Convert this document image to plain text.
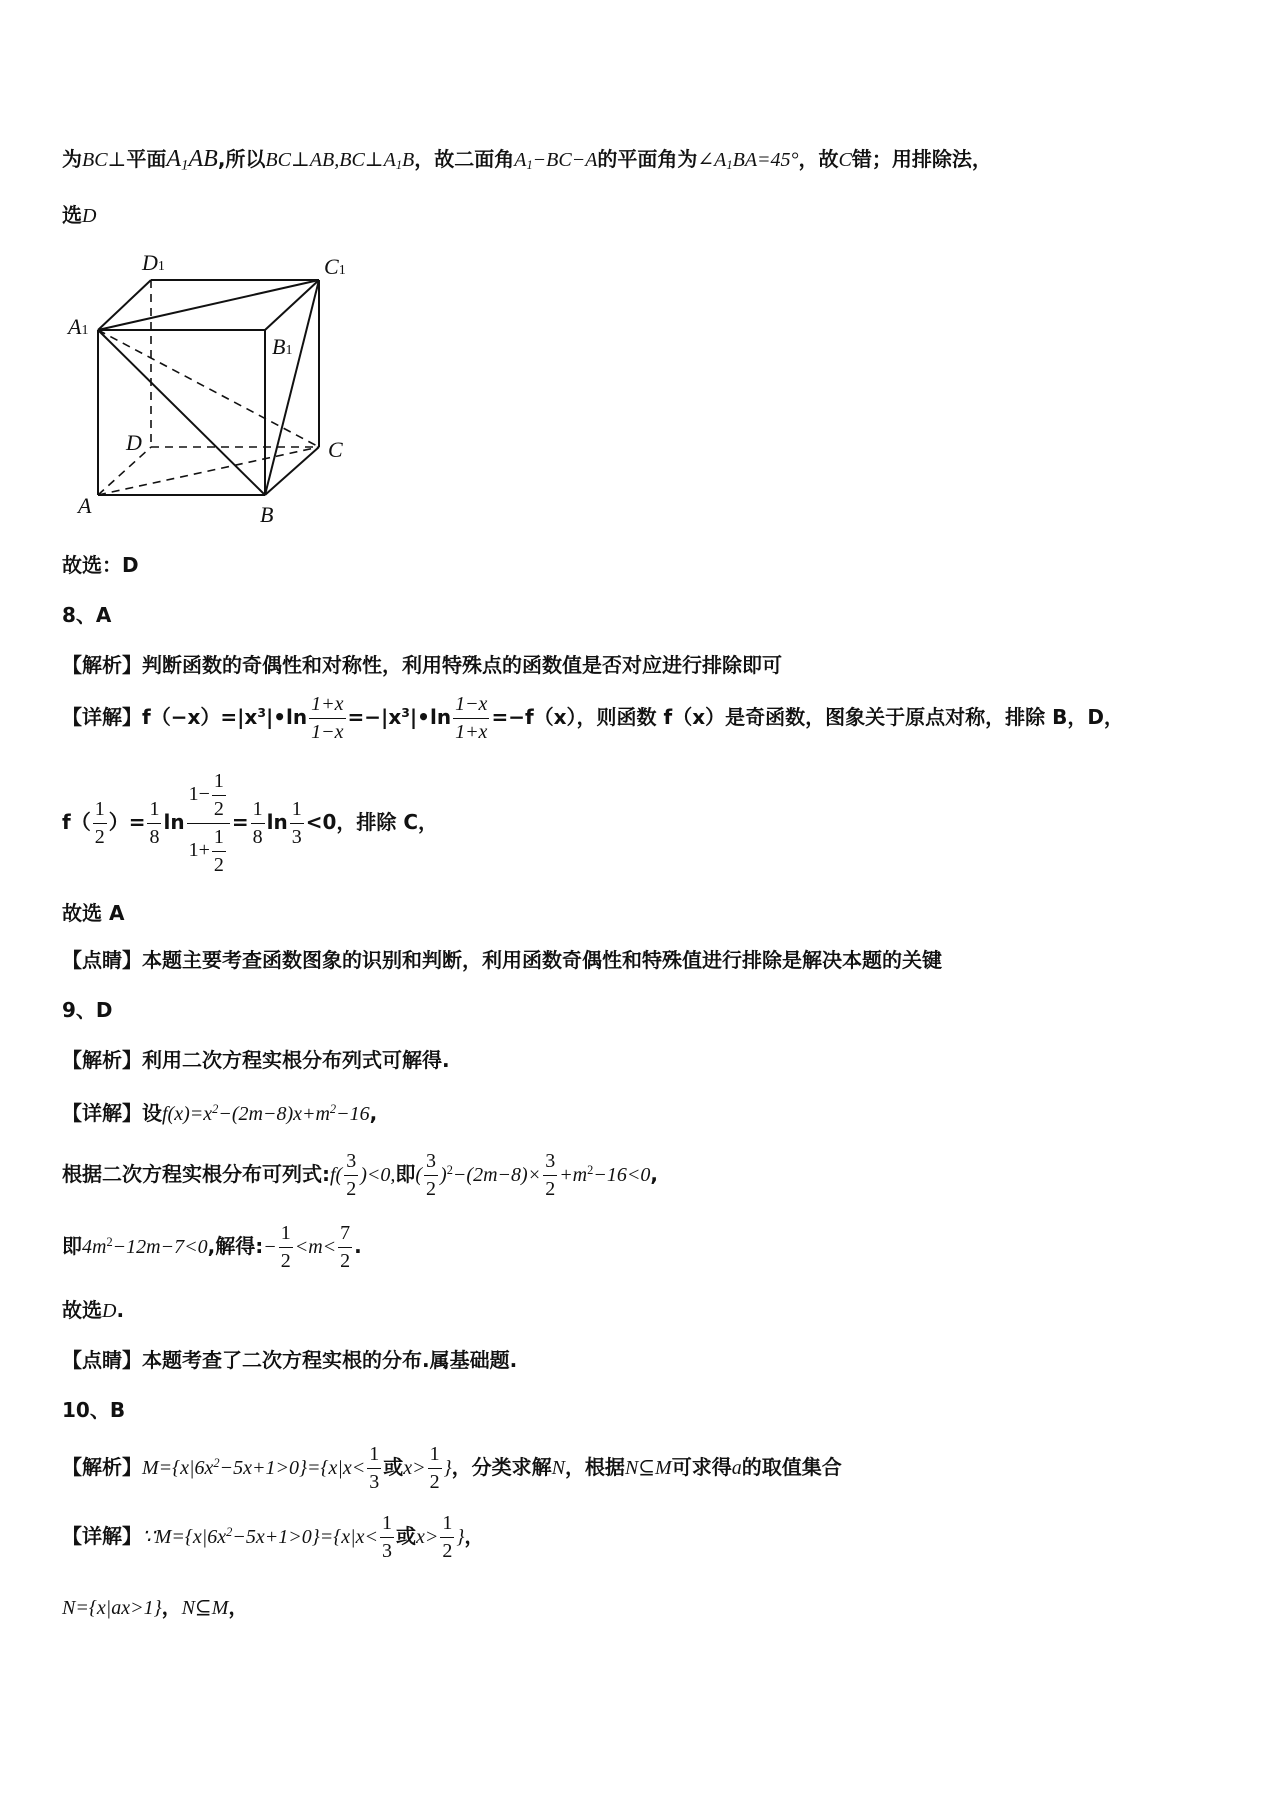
为BC⊥平面$A_1AB$,所以$BC\perp AB,BC\perp A_1B$，故二面角$A_1-BC-A$的平面角为$\angle A_1BA=45^\circ$，故C错；用排除法，
选D
D1	C1
A1
B1
D	C
A	B
故选：D
8、A
【解析】判断函数的奇偶性和对称性，利用特殊点的函数值是否对应进行排除即可
【详解】$f(-x)=|x^3|•\ln \frac{1+x}{1-x}$ $=-|x^3|•\ln \frac{1-x}{1+x} =-f(x)$，则函数 f（x）是奇函数，图象关于原点对称，排除 B，D，
$f( \frac{1}{2}$ ）= $\frac{1}{8}$ $\ln \frac{1- \frac{1}{2}}{1+ \frac{1}{2}} = \frac{1}{8}$ $\ln \frac{1}{3} <0$，排除 C，
故选 A
【点睛】本题主要考查函数图象的识别和判断，利用函数奇偶性和特殊值进行排除是解决本题的关键
9、D
【解析】利用二次方程实根分布列式可解得.
【详解】设$f(x)=x^2-(2m-8)x+m^2-16$,
根据二次方程实根分布可列式:f( $\frac{3}{2} )<0$,即( $\frac{3}{2} )^2-(2m-8)\times \frac{3}{2} +m^2-16<0$,
即$4m^2-12m-7<0$,解得:− $\frac{1}{2} <m< \frac{7}{2}$ .
故选D.
【点睛】本题考查了二次方程实根的分布.属基础题.
10、B
【解析】$M=\{x|6x^2-5x+1>0\}=\{x|x< \frac{1}{3}$ 或$x> \frac{1}{2}$ }，分类求解N，根据N⊆M可求得a的取值集合
【详解】$\because M=\{x|6x^2-5x+1>0\}=\{x|x< \frac{1}{3}$ 或$x> \frac{1}{2}$ }，
N={x|ax>1}，N⊆M，
